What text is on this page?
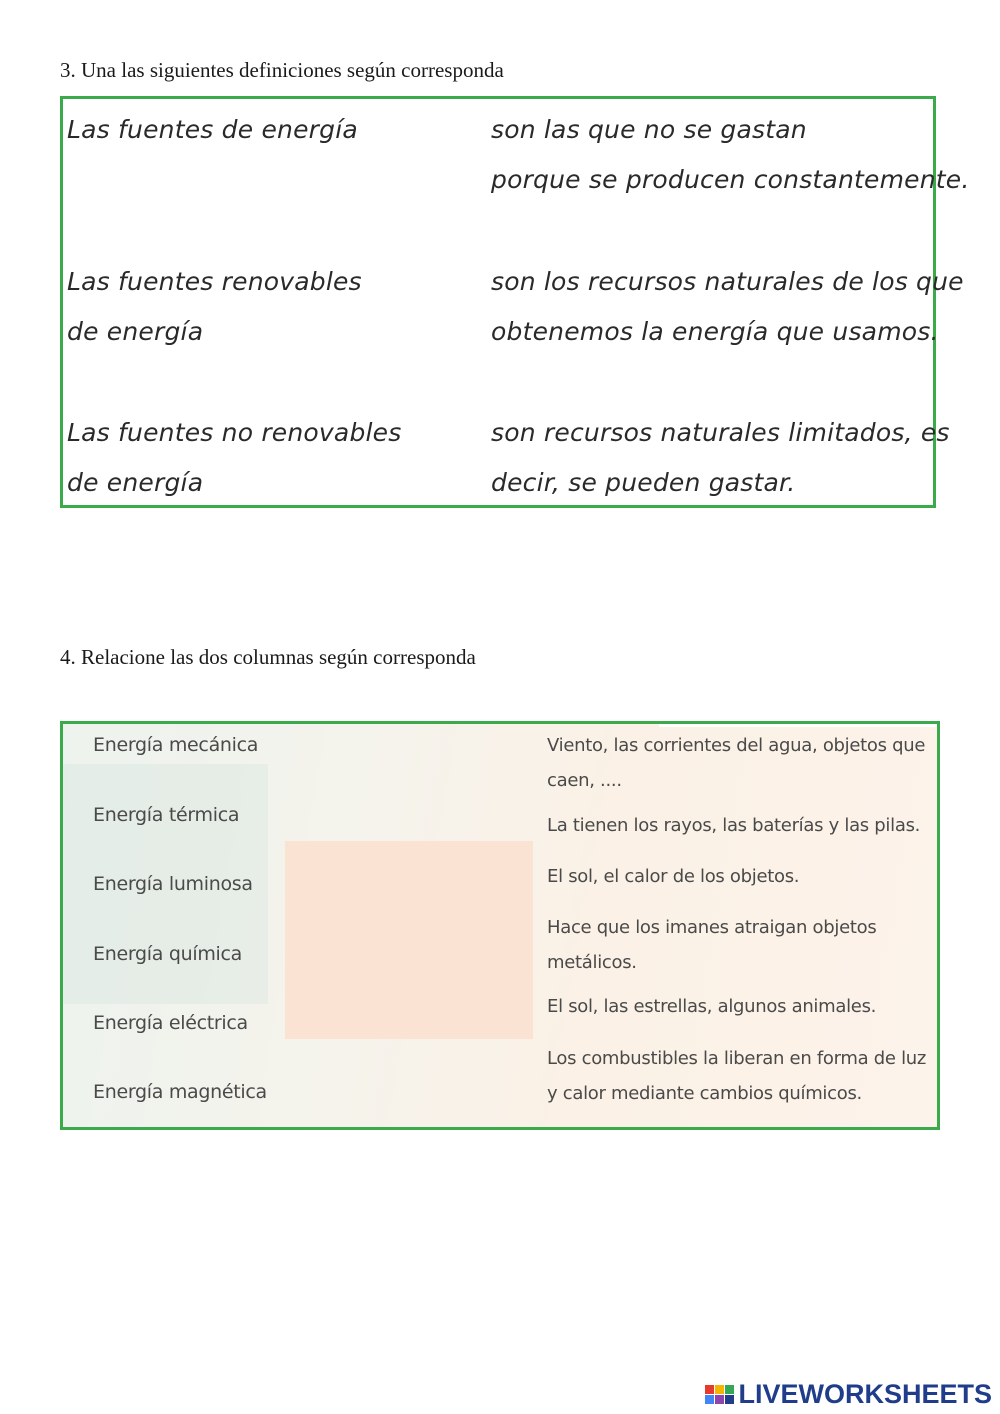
3. Una las siguientes definiciones según corresponda
Las fuentes de energía
Las fuentes renovables
de energía
Las fuentes no renovables
de energía
son las que no se gastan
porque se producen constantemente.
son los recursos naturales de los que
obtenemos la energía que usamos.
son recursos naturales limitados, es
decir, se pueden gastar.
4. Relacione las dos columnas según corresponda
Energía mecánica
Energía térmica
Energía luminosa
Energía química
Energía eléctrica
Energía magnética
Viento, las corrientes del agua, objetos que caen, ....
La tienen los rayos, las baterías y las pilas.
El sol, el calor de los objetos.
Hace que los imanes atraigan objetos metálicos.
El sol, las estrellas, algunos animales.
Los combustibles la liberan en forma de luz y calor mediante cambios químicos.
LIVEWORKSHEETS
